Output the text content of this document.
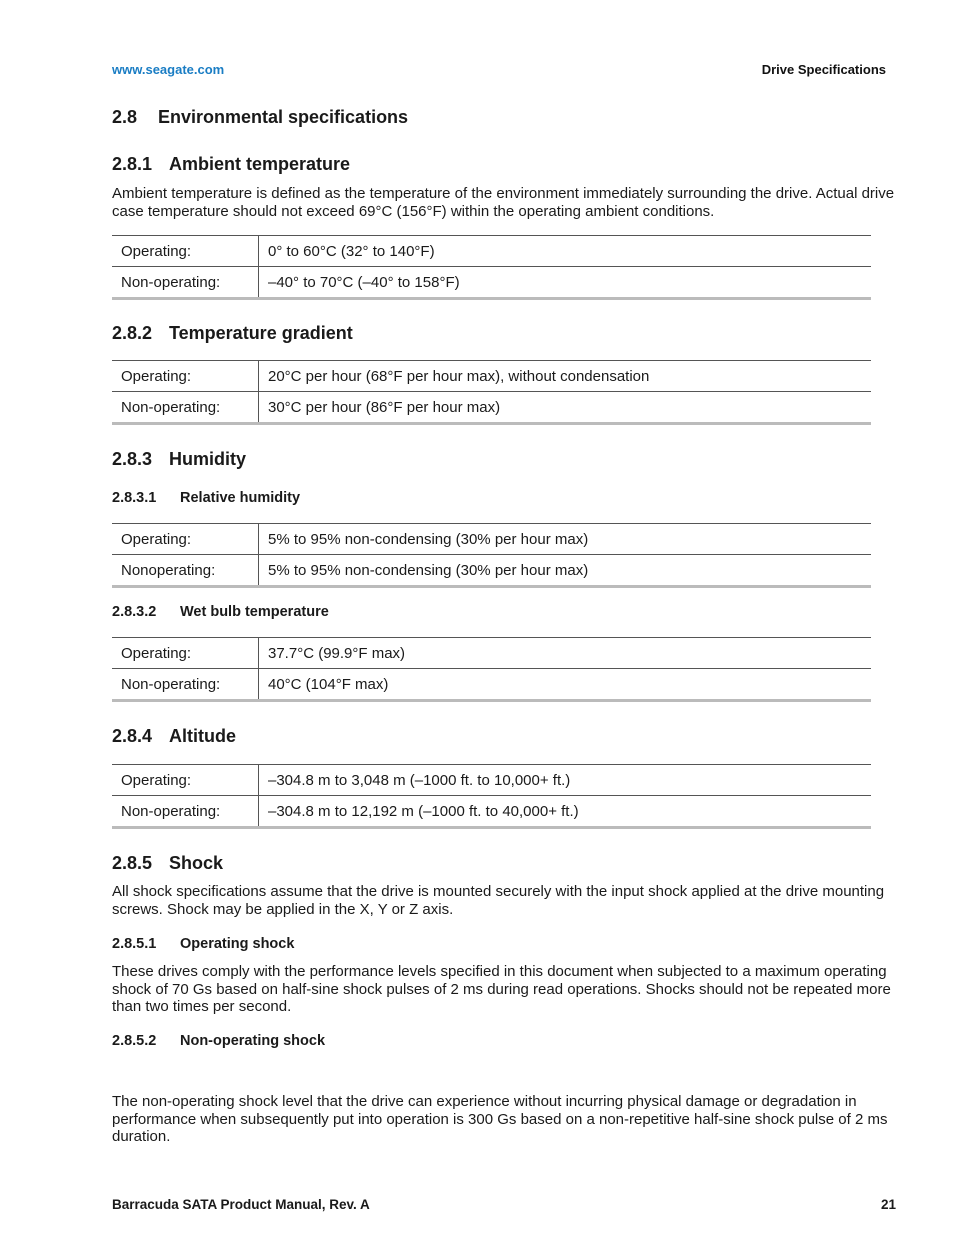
www.seagate.com	Drive Specifications
2.8 Environmental specifications
2.8.1 Ambient temperature
Ambient temperature is defined as the temperature of the environment immediately surrounding the drive. Actual drive case temperature should not exceed 69°C (156°F) within the operating ambient conditions.
Operating:	0° to 60°C (32° to 140°F)
Non-operating:	–40° to 70°C (–40° to 158°F)
2.8.2 Temperature gradient
Operating:	20°C per hour (68°F per hour max), without condensation
Non-operating:	30°C per hour (86°F per hour max)
2.8.3 Humidity
2.8.3.1 Relative humidity
Operating:	5% to 95% non-condensing (30% per hour max)
Nonoperating:	5% to 95% non-condensing (30% per hour max)
2.8.3.2 Wet bulb temperature
Operating:	37.7°C (99.9°F max)
Non-operating:	40°C (104°F max)
2.8.4 Altitude
Operating:	–304.8 m to 3,048 m (–1000 ft. to 10,000+ ft.)
Non-operating:	–304.8 m to 12,192 m (–1000 ft. to 40,000+ ft.)
2.8.5 Shock
All shock specifications assume that the drive is mounted securely with the input shock applied at the drive mounting screws. Shock may be applied in the X, Y or Z axis.
2.8.5.1 Operating shock
These drives comply with the performance levels specified in this document when subjected to a maximum operating shock of 70 Gs based on half-sine shock pulses of 2 ms during read operations. Shocks should not be repeated more than two times per second.
2.8.5.2 Non-operating shock
The non-operating shock level that the drive can experience without incurring physical damage or degradation in performance when subsequently put into operation is 300 Gs based on a non-repetitive half-sine shock pulse of 2 ms duration.
Barracuda SATA Product Manual, Rev. A	21
